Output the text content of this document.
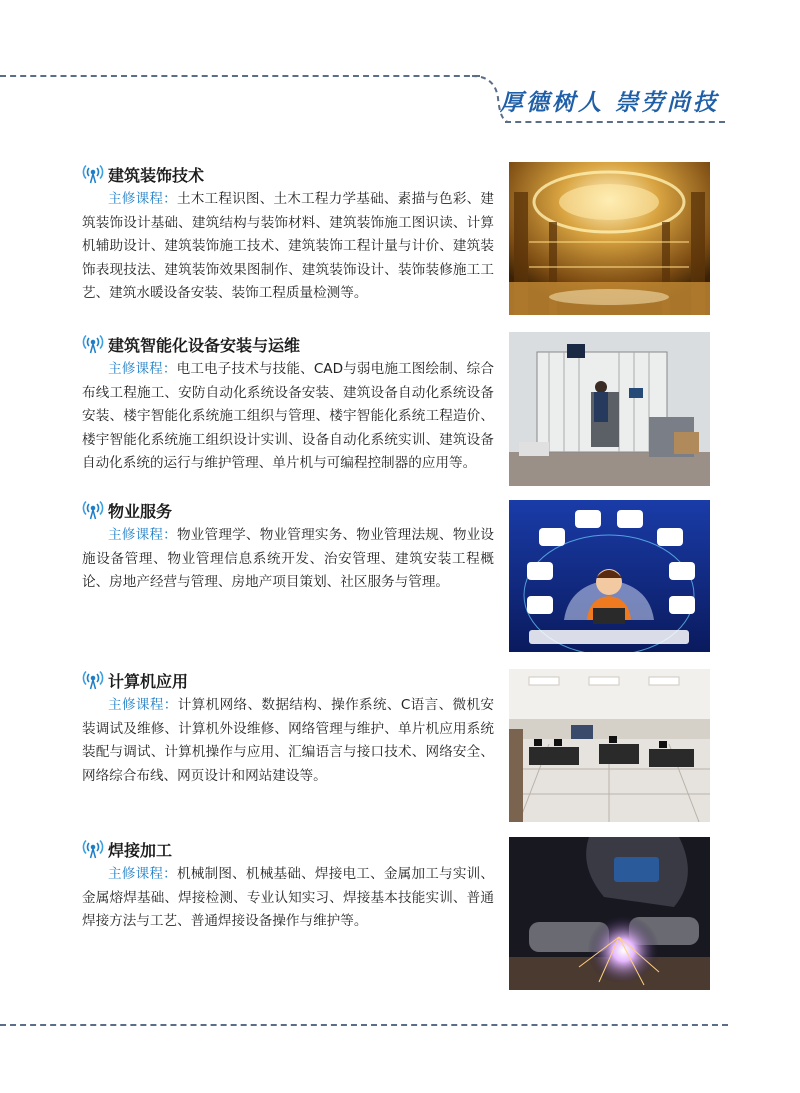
厚德树人 崇劳尚技
建筑装饰技术
主修课程：土木工程识图、土木工程力学基础、素描与色彩、建筑装饰设计基础、建筑结构与装饰材料、建筑装饰施工图识读、计算机辅助设计、建筑装饰施工技术、建筑装饰工程计量与计价、建筑装饰表现技法、建筑装饰效果图制作、建筑装饰设计、装饰装修施工工艺、建筑水暖设备安装、装饰工程质量检测等。
建筑智能化设备安装与运维
主修课程：电工电子技术与技能、CAD与弱电施工图绘制、综合布线工程施工、安防自动化系统设备安装、建筑设备自动化系统设备安装、楼宇智能化系统施工组织与管理、楼宇智能化系统工程造价、楼宇智能化系统施工组织设计实训、设备自动化系统实训、建筑设备自动化系统的运行与维护管理、单片机与可编程控制器的应用等。
物业服务
主修课程：物业管理学、物业管理实务、物业管理法规、物业设施设备管理、物业管理信息系统开发、治安管理、建筑安装工程概论、房地产经营与管理、房地产项目策划、社区服务与管理。
计算机应用
主修课程：计算机网络、数据结构、操作系统、C语言、微机安装调试及维修、计算机外设维修、网络管理与维护、单片机应用系统装配与调试、计算机操作与应用、汇编语言与接口技术、网络安全、网络综合布线、网页设计和网站建设等。
焊接加工
主修课程：机械制图、机械基础、焊接电工、金属加工与实训、金属熔焊基础、焊接检测、专业认知实习、焊接基本技能实训、普通焊接方法与工艺、普通焊接设备操作与维护等。
